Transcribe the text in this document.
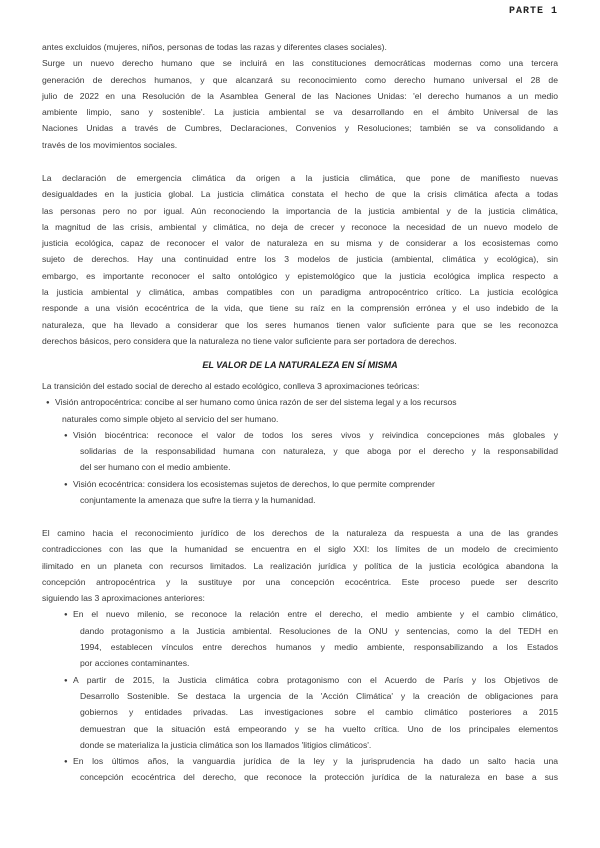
PARTE 1
antes excluidos (mujeres, niños, personas de todas las razas y diferentes clases sociales).
Surge un nuevo derecho humano que se incluirá en las constituciones democráticas modernas como una tercera
generación de derechos humanos, y que alcanzará su reconocimiento como derecho humano universal el 28 de
julio de 2022 en una Resolución de la Asamblea General de las Naciones Unidas: 'el derecho humanos a un medio
ambiente limpio, sano y sostenible'. La justicia ambiental se va desarrollando en el ámbito Universal de las
Naciones Unidas a través de Cumbres, Declaraciones, Convenios y Resoluciones; también se va consolidando a
través de los movimientos sociales.
La declaración de emergencia climática da origen a la justicia climática, que pone de manifiesto nuevas
desigualdades en la justicia global. La justicia climática constata el hecho de que la crisis climática afecta a todas
las personas pero no por igual. Aún reconociendo la importancia de la justicia ambiental y de la justicia climática,
la magnitud de las crisis, ambiental y climática, no deja de crecer y reconoce la necesidad de un nuevo modelo de
justicia ecológica, capaz de reconocer el valor de naturaleza en su misma y de considerar a los ecosistemas como
sujeto de derechos. Hay una continuidad entre los 3 modelos de justicia (ambiental, climática y ecológica), sin
embargo, es importante reconocer el salto ontológico y epistemológico que la justicia ecológica implica respecto a
la justicia ambiental y climática, ambas compatibles con un paradigma antropocéntrico crítico. La justicia ecológica
responde a una visión ecocéntrica de la vida, que tiene su raíz en la comprensión errónea y el uso indebido de la
naturaleza, que ha llevado a considerar que los seres humanos tienen valor suficiente para que se les reconozca
derechos básicos, pero considera que la naturaleza no tiene valor suficiente para ser portadora de derechos.
EL VALOR DE LA NATURALEZA EN SÍ MISMA
La transición del estado social de derecho al estado ecológico, conlleva 3 aproximaciones teóricas:
● Visión antropocéntrica: concibe al ser humano como única razón de ser del sistema legal y a los recursos
naturales como simple objeto al servicio del ser humano.
● Visión biocéntrica: reconoce el valor de todos los seres vivos y reivindica concepciones más globales y
solidarias de la responsabilidad humana con naturaleza, y que aboga por el derecho y la responsabilidad
del ser humano con el medio ambiente.
● Visión ecocéntrica: considera los ecosistemas sujetos de derechos, lo que permite comprender
conjuntamente la amenaza que sufre la tierra y la humanidad.
El camino hacia el reconocimiento jurídico de los derechos de la naturaleza da respuesta a una de las grandes
contradicciones con las que la humanidad se encuentra en el siglo XXI: los límites de un modelo de crecimiento
ilimitado en un planeta con recursos limitados. La realización jurídica y política de la justicia ecológica abandona la
concepción antropocéntrica y la sustituye por una concepción ecocéntrica. Este proceso puede ser descrito
siguiendo las 3 aproximaciones anteriores:
● En el nuevo milenio, se reconoce la relación entre el derecho, el medio ambiente y el cambio climático,
dando protagonismo a la Justicia ambiental. Resoluciones de la ONU y sentencias, como la del TEDH en
1994, establecen vínculos entre derechos humanos y medio ambiente, responsabilizando a los Estados
por acciones contaminantes.
● A partir de 2015, la Justicia climática cobra protagonismo con el Acuerdo de París y los Objetivos de
Desarrollo Sostenible. Se destaca la urgencia de la 'Acción Climática' y la creación de obligaciones para
gobiernos y entidades privadas. Las investigaciones sobre el cambio climático posteriores a 2015
demuestran que la situación está empeorando y se ha vuelto crítica. Uno de los principales elementos
donde se materializa la justicia climática son los llamados 'litigios climáticos'.
● En los últimos años, la vanguardia jurídica de la ley y la jurisprudencia ha dado un salto hacia una
concepción ecocéntrica del derecho, que reconoce la protección jurídica de la naturaleza en base a sus
